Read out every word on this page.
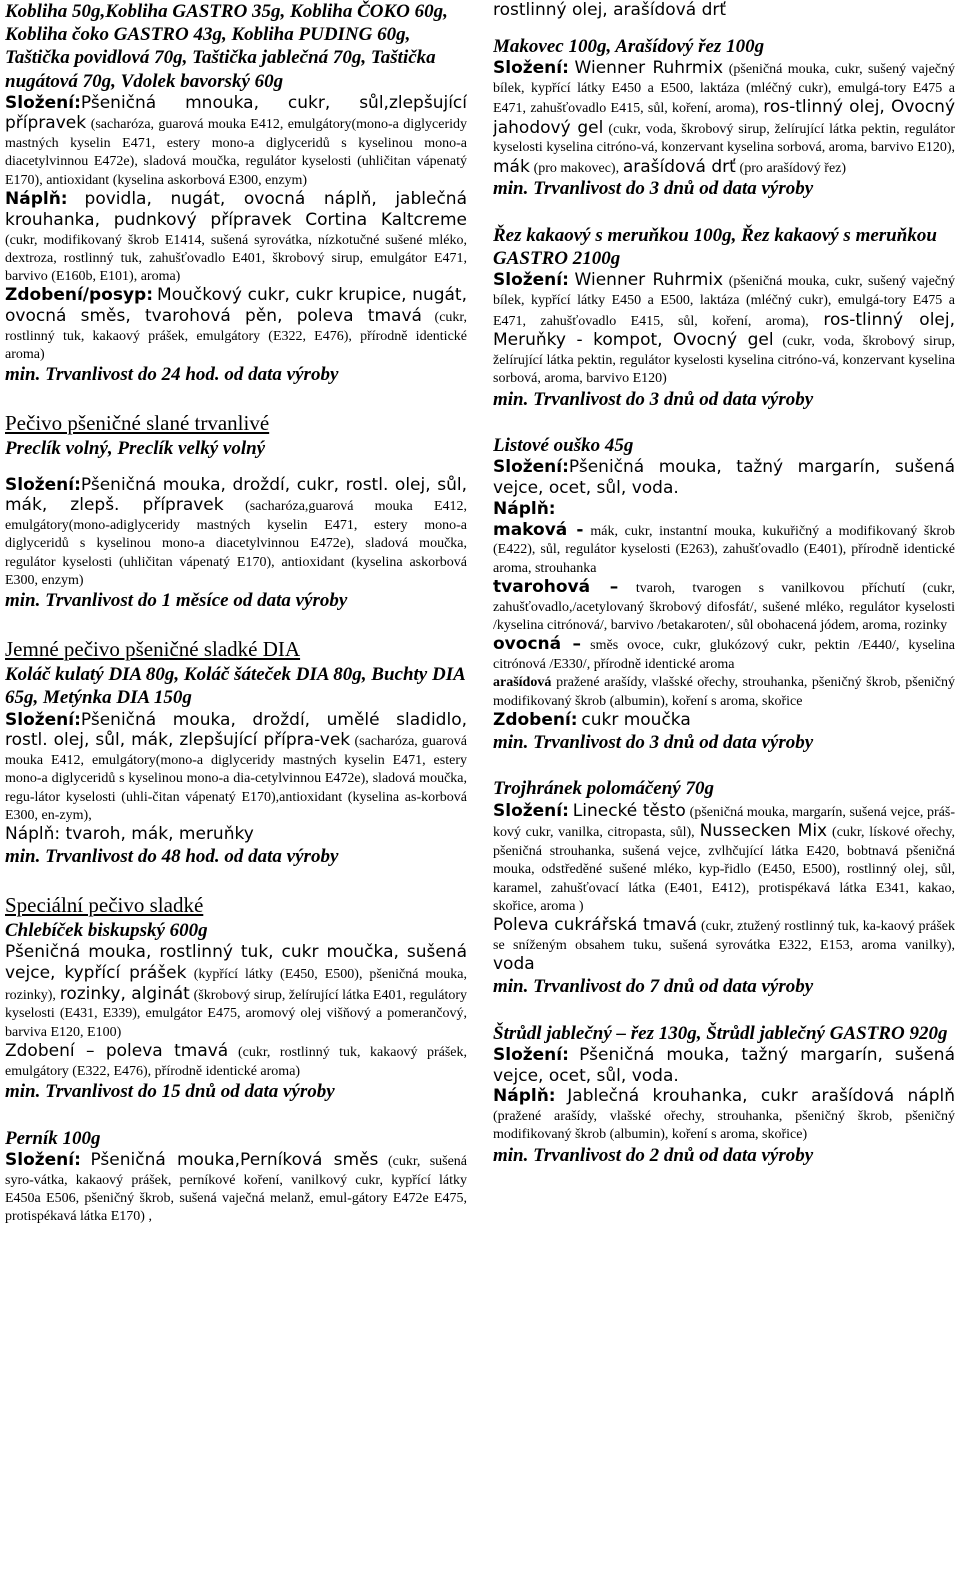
Kobliha 50g,Kobliha GASTRO 35g, Kobliha ČOKO 60g, Kobliha čoko GASTRO 43g, Kobliha PUDING 60g, Taštička povidlová 70g, Taštička jablečná 70g, Taštička nugátová 70g, Vdolek bavorský 60g

Složení:Pšeničná mnouka, cukr, sůl,zlepšující přípravek (sacharóza, guarová mouka E412, emulgátory(mono-a diglyceridy mastných kyselin E471, estery mono-a diglyceridů s kyselinou mono-a diacetylvinnou E472e), sladová moučka, regulátor kyselosti (uhličitan vápenatý E170), antioxidant (kyselina askorbová E300, enzym)

Náplň: povidla, nugát, ovocná náplň, jablečná krouhanka, pudnkový přípravek Cortina Kaltcreme (cukr, modifikovaný škrob E1414, sušená syrovátka, nízkotučné sušené mléko, dextroza, rostlinný tuk, zahušťovadlo E401, škrobový sirup, emulgátor E471, barvivo (E160b, E101), aroma)

Zdobení/posyp: Moučkový cukr, cukr krupice, nugát, ovocná směs, tvarohová pěn, poleva tmavá (cukr, rostlinný tuk, kakaový prášek, emulgátory (E322, E476), přírodně identické aroma)

min. Trvanlivost do 24 hod. od data výroby

Pečivo pšeničné slané trvanlivé

Preclík volný, Preclík velký volný

Složení:Pšeničná mouka, droždí, cukr, rostl. olej, sůl, mák, zlepš. přípravek (sacharóza,guarová mouka E412, emulgátory(mono-adiglyceridy mastných kyselin E471, estery mono-a diglyceridů s kyselinou mono-a diacetylvinnou E472e), sladová moučka, regulátor kyselosti (uhličitan vápenatý E170), antioxidant (kyselina askorbová E300, enzym)

min. Trvanlivost do 1 měsíce od data výroby

Jemné pečivo pšeničné sladké DIA

Koláč kulatý DIA 80g, Koláč šáteček DIA 80g, Buchty DIA 65g, Metýnka DIA 150g

Složení:Pšeničná mouka, droždí, umělé sladidlo, rostl. olej, sůl, mák, zlepšující přípra-vek (sacharóza, guarová mouka E412, emulgátory(mono-a diglyceridy mastných kyselin E471, estery mono-a diglyceridů s kyselinou mono-a dia-cetylvinnou E472e), sladová moučka, regu-látor kyselosti (uhli-čitan vápenatý E170),antioxidant (kyselina as-korbová E300, en-zym),

Náplň: tvaroh, mák, meruňky

min. Trvanlivost do 48 hod. od data výroby

Speciální pečivo sladké

Chlebíček biskupský 600g

Pšeničná mouka, rostlinný tuk, cukr moučka, sušená vejce, kypřící prášek (kypřící látky (E450, E500), pšeničná mouka, rozinky), rozinky, alginát (škrobový sirup, želírující látka E401, regulátory kyselosti (E431, E339), emulgátor E475, aromový olej višňový a pomerančový, barviva E120, E100)

Zdobení – poleva tmavá (cukr, rostlinný tuk, kakaový prášek, emulgátory (E322, E476), přírodně identické aroma)

min. Trvanlivost do 15 dnů od data výroby

Perník 100g

Složení: Pšeničná mouka,Perníková směs (cukr, sušená syro-vátka, kakaový prášek, perníkové koření, vanilkový cukr, kypřící látky E450a E506, pšeničný škrob, sušená vaječná melanž, emul-gátory E472e E475, protispékavá látka E170) ,

rostlinný olej, arašídová drť

Makovec 100g, Arašídový řez 100g

Složení: Wienner Ruhrmix (pšeničná mouka, cukr, sušený vaječný bílek, kypřící látky E450 a E500, laktáza (mléčný cukr), emulgá-tory E475 a E471, zahušťovadlo E415, sůl, koření, aroma), ros-tlinný olej, Ovocný jahodový gel (cukr, voda, škrobový sirup, želírující látka pektin, regulátor kyselosti kyselina citróno-vá, konzervant kyselina sorbová, aroma, barvivo E120), mák (pro makovec), arašídová drť (pro arašídový řez)

min. Trvanlivost do 3 dnů od data výroby

Řez kakaový s meruňkou 100g, Řez kakaový s meruňkou GASTRO 2100g

Složení: Wienner Ruhrmix (pšeničná mouka, cukr, sušený vaječný bílek, kypřící látky E450 a E500, laktáza (mléčný cukr), emulgá-tory E475 a E471, zahušťovadlo E415, sůl, koření, aroma), ros-tlinný olej, Meruňky - kompot, Ovocný gel (cukr, voda, škrobový sirup, želírující látka pektin, regulátor kyselosti kyselina citróno-vá, konzervant kyselina sorbová, aroma, barvivo E120)

min. Trvanlivost do 3 dnů od data výroby

Listové ouško 45g

Složení:Pšeničná mouka, tažný margarín, sušená vejce, ocet, sůl, voda.

Náplň:

maková - mák, cukr, instantní mouka, kukuřičný a modifikovaný škrob (E422), sůl, regulátor kyselosti (E263), zahušťovadlo (E401), přírodně identické aroma, strouhanka

tvarohová – tvaroh, tvarogen s vanilkovou příchutí (cukr, zahušťovadlo,/acetylovaný škrobový difosfát/, sušené mléko, regulátor kyselosti /kyselina citrónová/, barvivo /betakaroten/, sůl obohacená jódem, aroma, rozinky

ovocná – směs ovoce, cukr, glukózový cukr, pektin /E440/, kyselina citrónová /E330/, přírodně identické aroma

arašídová pražené arašídy, vlašské ořechy, strouhanka, pšeničný škrob, pšeničný modifikovaný škrob (albumin), koření s aroma, skořice

Zdobení: cukr moučka

min. Trvanlivost do 3 dnů od data výroby

Trojhránek polomáčený 70g

Složení: Linecké těsto (pšeničná mouka, margarín, sušená vejce, práš-kový cukr, vanilka, citropasta, sůl), Nussecken Mix (cukr, lískové ořechy, pšeničná strouhanka, sušená vejce, zvlhčující látka E420, bobtnavá pšeničná mouka, odstředěné sušené mléko, kyp-řidlo (E450, E500), rostlinný olej, sůl, karamel, zahušťovací látka (E401, E412), protispékavá látka E341, kakao, skořice, aroma )

Poleva cukrářská tmavá (cukr, ztužený rostlinný tuk, ka-kaový prášek se sníženým obsahem tuku, sušená syrovátka E322, E153, aroma vanilky), voda

min. Trvanlivost do 7 dnů od data výroby

Štrůdl jablečný – řez 130g, Štrůdl jablečný GASTRO 920g

Složení: Pšeničná mouka, tažný margarín, sušená vejce, ocet, sůl, voda.

Náplň: Jablečná krouhanka, cukr arašídová náplň (pražené arašídy, vlašské ořechy, strouhanka, pšeničný škrob, pšeničný modifikovaný škrob (albumin), koření s aroma, skořice)

min. Trvanlivost do 2 dnů od data výroby
